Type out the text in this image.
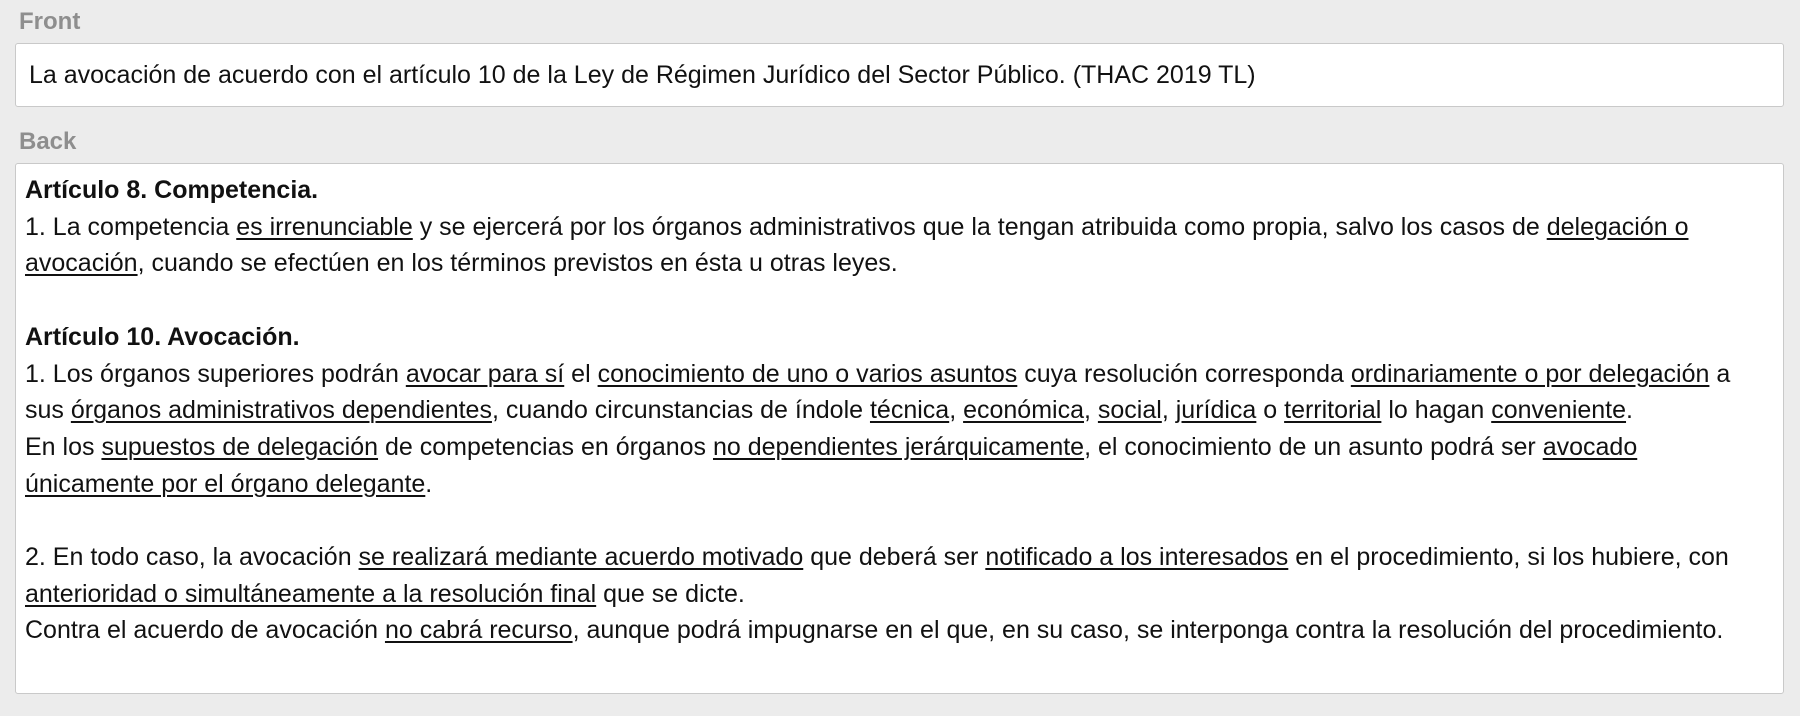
Front
La avocación de acuerdo con el artículo 10 de la Ley de Régimen Jurídico del Sector Público. (THAC 2019 TL)
Back
Artículo 8. Competencia.
1. La competencia es irrenunciable y se ejercerá por los órganos administrativos que la tengan atribuida como propia, salvo los casos de delegación o avocación, cuando se efectúen en los términos previstos en ésta u otras leyes.
Artículo 10. Avocación.
1. Los órganos superiores podrán avocar para sí el conocimiento de uno o varios asuntos cuya resolución corresponda ordinariamente o por delegación a sus órganos administrativos dependientes, cuando circunstancias de índole técnica, económica, social, jurídica o territorial lo hagan conveniente.
En los supuestos de delegación de competencias en órganos no dependientes jerárquicamente, el conocimiento de un asunto podrá ser avocado únicamente por el órgano delegante.
2. En todo caso, la avocación se realizará mediante acuerdo motivado que deberá ser notificado a los interesados en el procedimiento, si los hubiere, con anterioridad o simultáneamente a la resolución final que se dicte.
Contra el acuerdo de avocación no cabrá recurso, aunque podrá impugnarse en el que, en su caso, se interponga contra la resolución del procedimiento.
